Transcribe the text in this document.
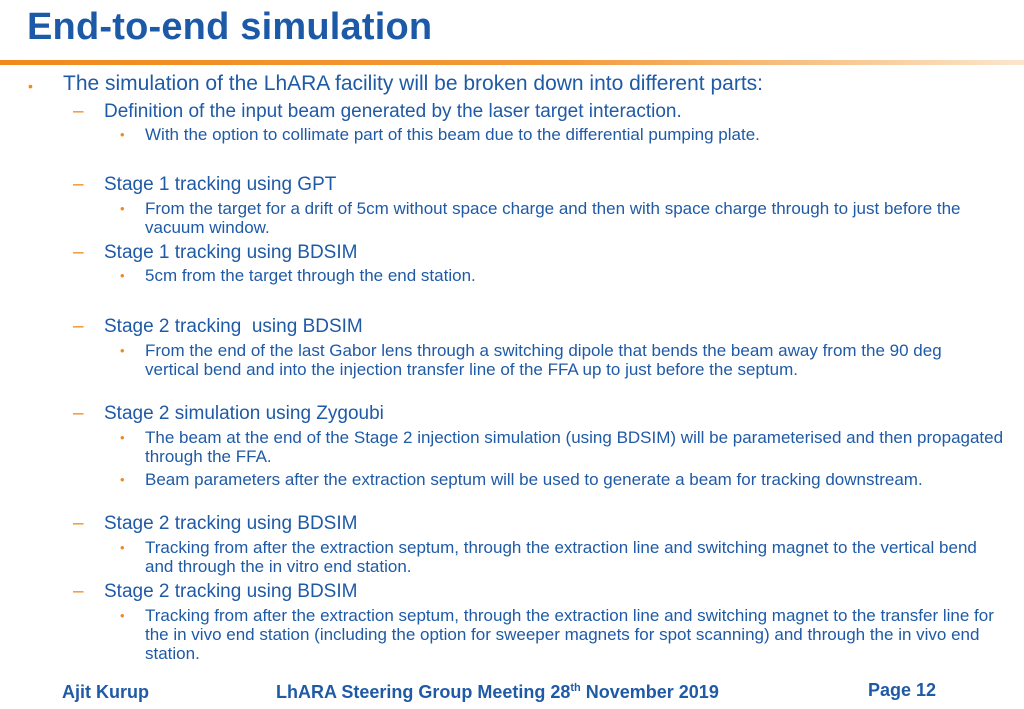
End-to-end simulation
• The simulation of the LhARA facility will be broken down into different parts:
– Definition of the input beam generated by the laser target interaction.
• With the option to collimate part of this beam due to the differential pumping plate.
– Stage 1 tracking using GPT
• From the target for a drift of 5cm without space charge and then with space charge through to just before the vacuum window.
– Stage 1 tracking using BDSIM
• 5cm from the target through the end station.
– Stage 2 tracking  using BDSIM
• From the end of the last Gabor lens through a switching dipole that bends the beam away from the 90 deg vertical bend and into the injection transfer line of the FFA up to just before the septum.
– Stage 2 simulation using Zygoubi
• The beam at the end of the Stage 2 injection simulation (using BDSIM) will be parameterised and then propagated through the FFA.
• Beam parameters after the extraction septum will be used to generate a beam for tracking downstream.
– Stage 2 tracking using BDSIM
• Tracking from after the extraction septum, through the extraction line and switching magnet to the vertical bend and through the in vitro end station.
– Stage 2 tracking using BDSIM
• Tracking from after the extraction septum, through the extraction line and switching magnet to the transfer line for the in vivo end station (including the option for sweeper magnets for spot scanning) and through the in vivo end station.
Ajit Kurup	LhARA Steering Group Meeting 28th November 2019	Page 12
